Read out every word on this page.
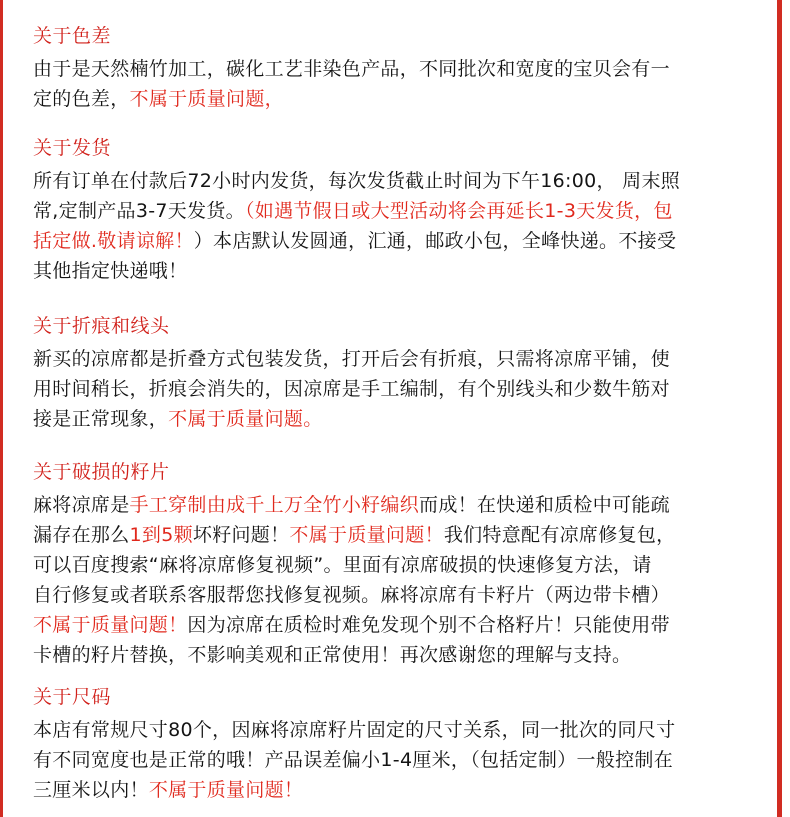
关于色差
由于是天然楠竹加工，碳化工艺非染色产品，不同批次和宽度的宝贝会有一
定的色差，不属于质量问题，
关于发货
所有订单在付款后72小时内发货，每次发货截止时间为下午16:00， 周末照
常,定制产品3-7天发货。（如遇节假日或大型活动将会再延长1-3天发货，包
括定做.敬请谅解！）本店默认发圆通，汇通，邮政小包，全峰快递。不接受
其他指定快递哦！
关于折痕和线头
新买的凉席都是折叠方式包装发货，打开后会有折痕，只需将凉席平铺，使
用时间稍长，折痕会消失的，因凉席是手工编制，有个别线头和少数牛筋对
接是正常现象，不属于质量问题。
关于破损的籽片
麻将凉席是手工穿制由成千上万全竹小籽编织而成！在快递和质检中可能疏
漏存在那么1到5颗坏籽问题！不属于质量问题！我们特意配有凉席修复包，
可以百度搜索“麻将凉席修复视频”。里面有凉席破损的快速修复方法，请
自行修复或者联系客服帮您找修复视频。麻将凉席有卡籽片（两边带卡槽）
不属于质量问题！因为凉席在质检时难免发现个别不合格籽片！只能使用带
卡槽的籽片替换，不影响美观和正常使用！再次感谢您的理解与支持。
关于尺码
本店有常规尺寸80个，因麻将凉席籽片固定的尺寸关系，同一批次的同尺寸
有不同宽度也是正常的哦！产品误差偏小1-4厘米，（包括定制）一般控制在
三厘米以内！不属于质量问题！
